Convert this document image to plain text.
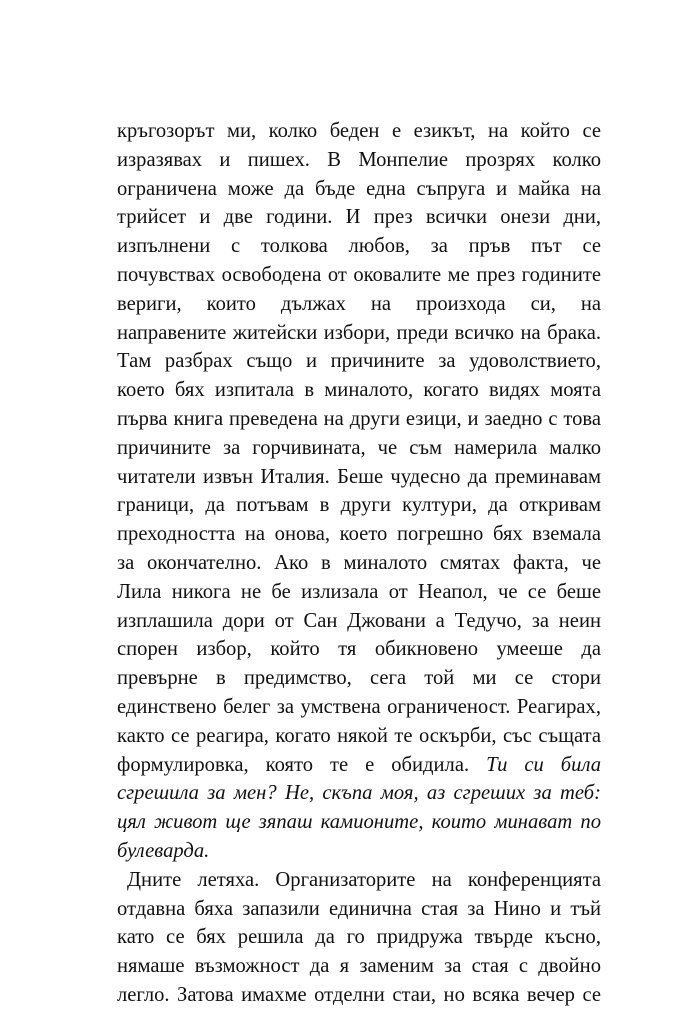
кръгозорът ми, колко беден е езикът, на който се
изразявах и пишех. В Монпелие прозрях колко
ограничена може да бъде една съпруга и майка на
трийсет и две години. И през всички онези дни,
изпълнени с толкова любов, за пръв път се
почувствах освободена от оковалите ме през годините
вериги, които дължах на произхода си, на
направените житейски избори, преди всичко на брака.
Там разбрах също и причините за удоволствието,
което бях изпитала в миналото, когато видях моята
първа книга преведена на други езици, и заедно с това
причините за горчивината, че съм намерила малко
читатели извън Италия. Беше чудесно да преминавам
граници, да потъвам в други култури, да откривам
преходността на онова, което погрешно бях вземала
за окончателно. Ако в миналото смятах факта, че
Лила никога не бе излизала от Неапол, че се беше
изплашила дори от Сан Джовани а Тедучо, за неин
спорен избор, който тя обикновено умееше да
превърне в предимство, сега той ми се стори
единствено белег за умствена ограниченост. Реагирах,
както се реагира, когато някой те оскърби, със същата
формулировка, която те е обидила. Ти си била
сгрешила за мен? Не, скъпа моя, аз сгреших за теб:
цял живот ще зяпаш камионите, които минават по
булеварда.
Дните летяха. Организаторите на конференцията
отдавна бяха запазили единична стая за Нино и тъй
като се бях решила да го придружа твърде късно,
нямаше възможност да я заменим за стая с двойно
легло. Затова имахме отделни стаи, но всяка вечер се
